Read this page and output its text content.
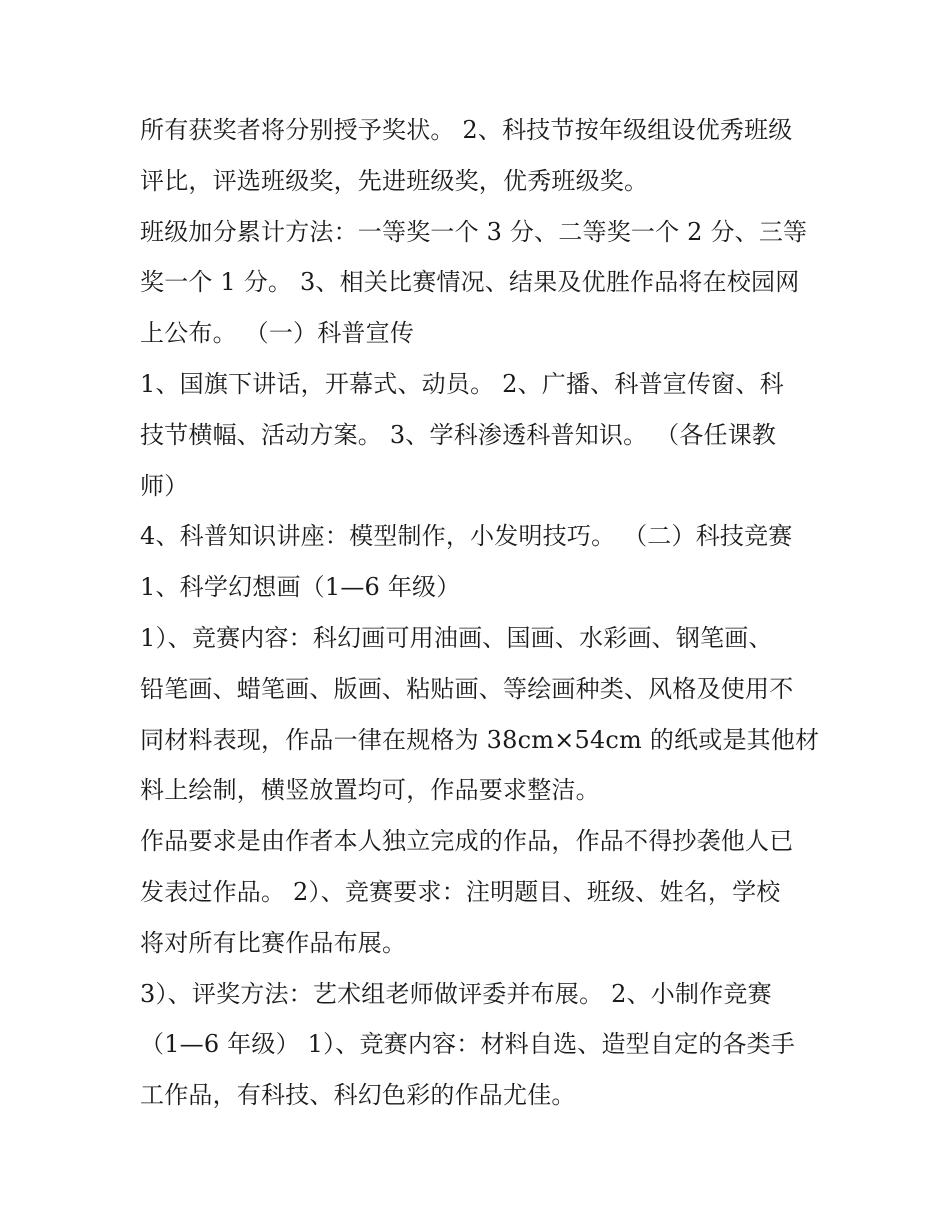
所有获奖者将分别授予奖状。 2、科技节按年级组设优秀班级
评比，评选班级奖，先进班级奖，优秀班级奖。
班级加分累计方法：一等奖一个 3 分、二等奖一个 2 分、三等
奖一个 1 分。 3、相关比赛情况、结果及优胜作品将在校园网
上公布。 （一）科普宣传
1、国旗下讲话，开幕式、动员。 2、广播、科普宣传窗、科
技节横幅、活动方案。 3、学科渗透科普知识。 （各任课教
师）
4、科普知识讲座：模型制作，小发明技巧。 （二）科技竞赛
1、科学幻想画（1—6 年级）
1）、竞赛内容：科幻画可用油画、国画、水彩画、钢笔画、
铅笔画、蜡笔画、版画、粘贴画、等绘画种类、风格及使用不
同材料表现，作品一律在规格为 38cm×54cm 的纸或是其他材
料上绘制，横竖放置均可，作品要求整洁。
作品要求是由作者本人独立完成的作品，作品不得抄袭他人已
发表过作品。 2）、竞赛要求：注明题目、班级、姓名，学校
将对所有比赛作品布展。
3）、评奖方法：艺术组老师做评委并布展。 2、小制作竞赛
（1—6 年级） 1）、竞赛内容：材料自选、造型自定的各类手
工作品，有科技、科幻色彩的作品尤佳。
